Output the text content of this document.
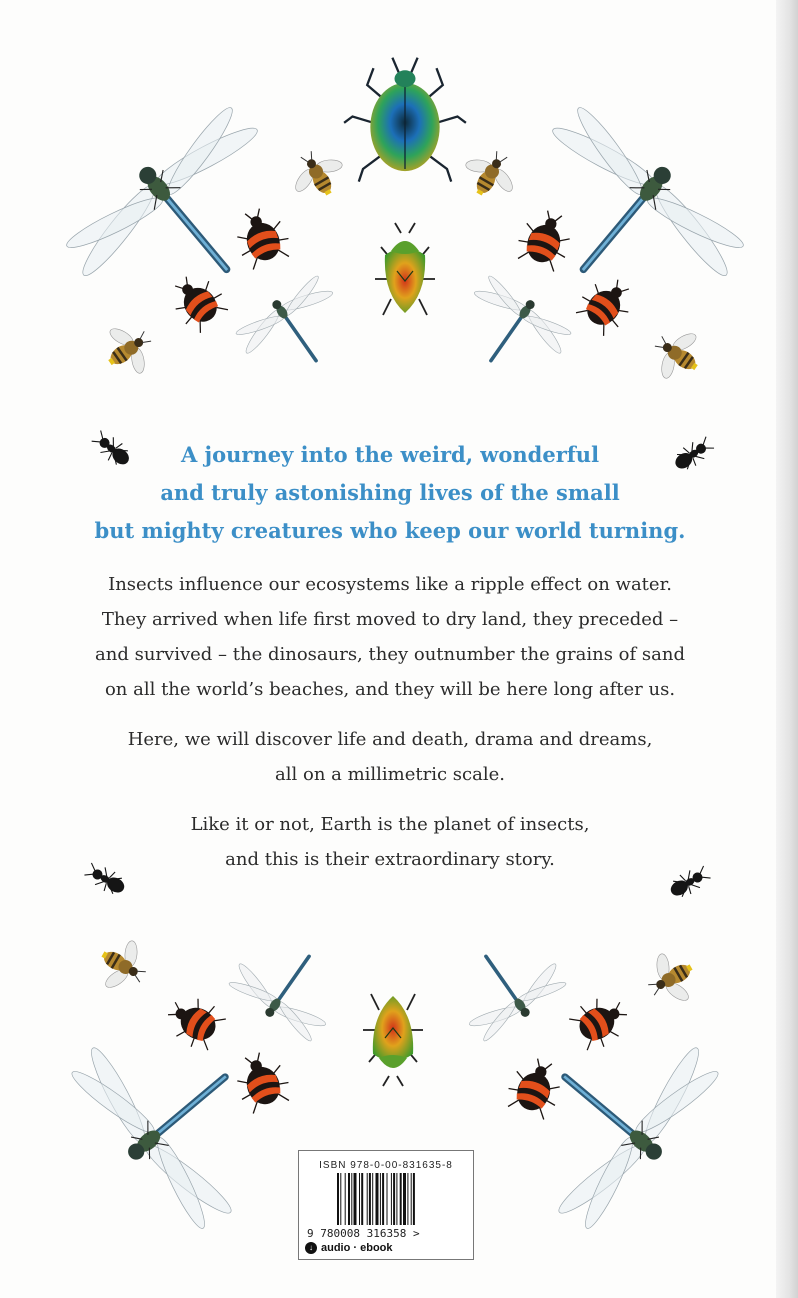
A journey into the weird, wonderful
and truly astonishing lives of the small
but mighty creatures who keep our world turning.
Insects influence our ecosystems like a ripple effect on water.
They arrived when life first moved to dry land, they preceded –
and survived – the dinosaurs, they outnumber the grains of sand
on all the world’s beaches, and they will be here long after us.
Here, we will discover life and death, drama and dreams,
all on a millimetric scale.
Like it or not, Earth is the planet of insects,
and this is their extraordinary story.
ISBN 978-0-00-831635-8
9 780008 316358 >
↓ audio · ebook
